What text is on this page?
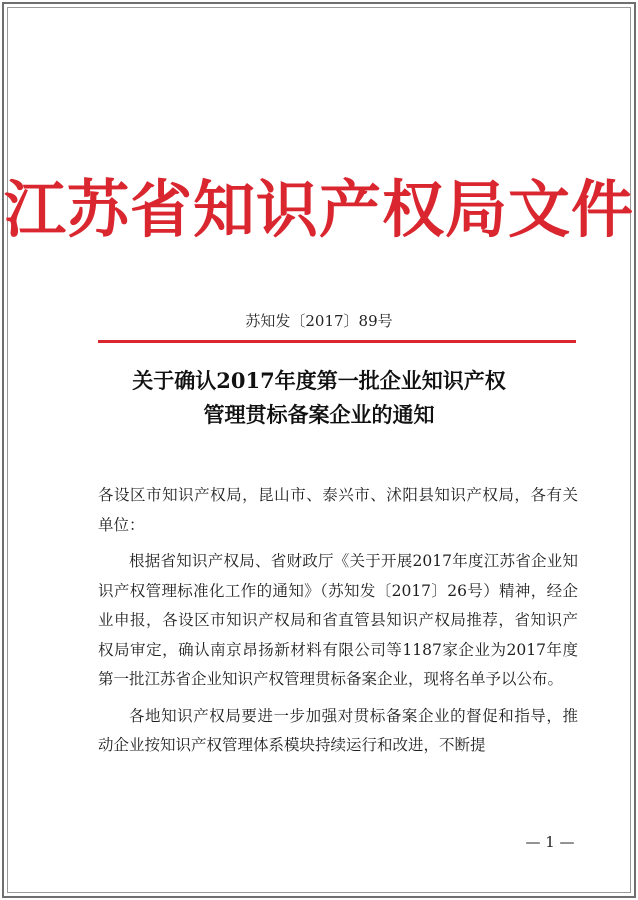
江苏省知识产权局文件
苏知发〔2017〕89号
关于确认2017年度第一批企业知识产权
管理贯标备案企业的通知

各设区市知识产权局，昆山市、泰兴市、沭阳县知识产权局，各有关单位：

根据省知识产权局、省财政厅《关于开展2017年度江苏省企业知识产权管理标准化工作的通知》（苏知发〔2017〕26号）精神，经企业申报，各设区市知识产权局和省直管县知识产权局推荐，省知识产权局审定，确认南京昂扬新材料有限公司等1187家企业为2017年度第一批江苏省企业知识产权管理贯标备案企业，现将名单予以公布。

各地知识产权局要进一步加强对贯标备案企业的督促和指导，推动企业按知识产权管理体系模块持续运行和改进，不断提

— 1 —
